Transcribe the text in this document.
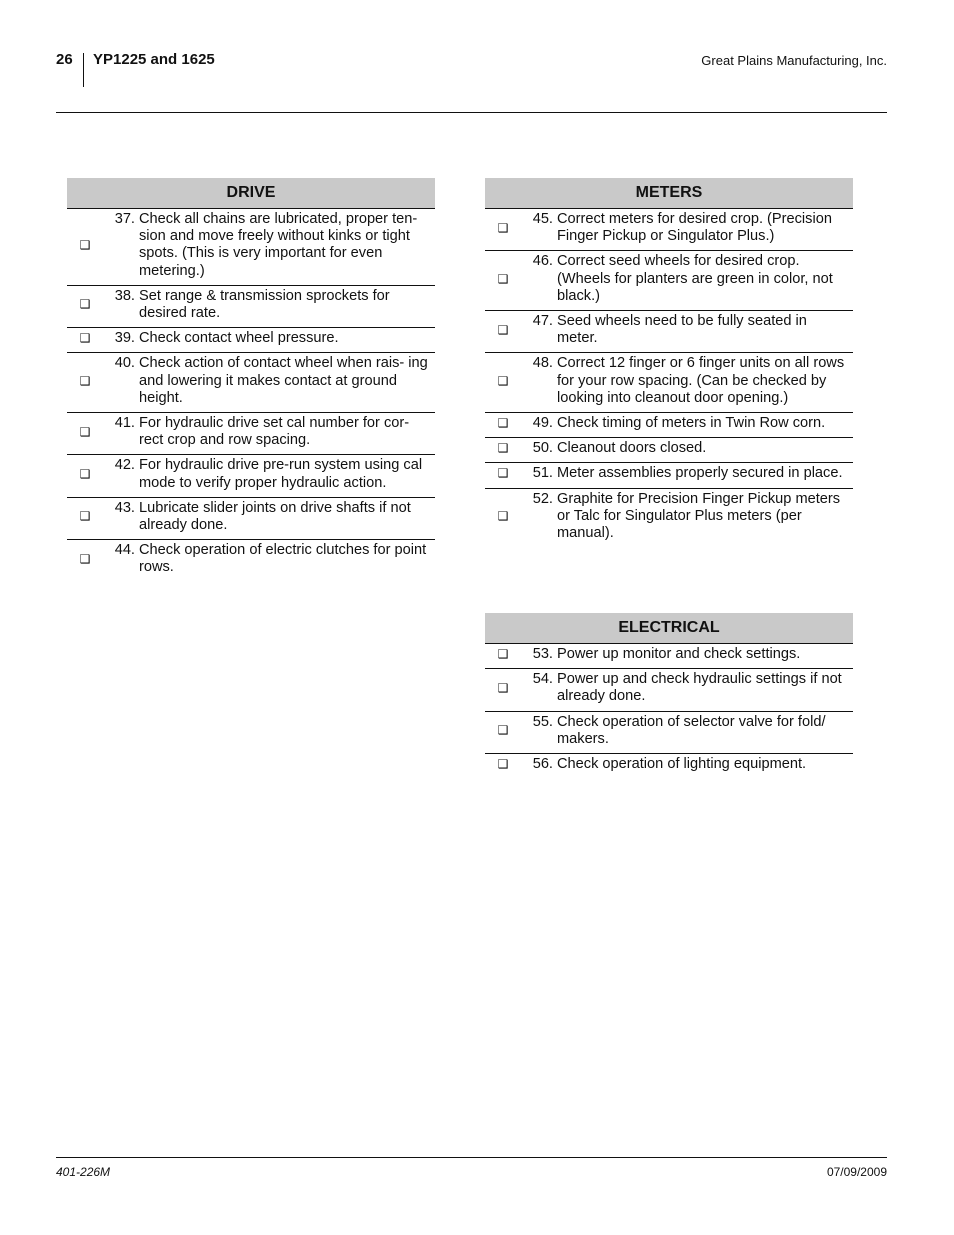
26 YP1225 and 1625	Great Plains Manufacturing, Inc.
DRIVE
❑
37. Check all chains are lubricated, proper ten- sion and move freely without kinks or tight spots. (This is very important for even metering.)
❑
38. Set range & transmission sprockets for desired rate.
❑	39. Check contact wheel pressure.
❑
40. Check action of contact wheel when rais- ing and lowering it makes contact at ground height.
❑
41. For hydraulic drive set cal number for cor- rect crop and row spacing.
❑
42. For hydraulic drive pre-run system using cal mode to verify proper hydraulic action.
❑
43. Lubricate slider joints on drive shafts if not already done.
❑
44. Check operation of electric clutches for point rows.
METERS
❑
45. Correct meters for desired crop. (Precision Finger Pickup or Singulator Plus.)
❑
46. Correct seed wheels for desired crop. (Wheels for planters are green in color, not black.)
❑
47. Seed wheels need to be fully seated in meter.
❑
48. Correct 12 finger or 6 finger units on all rows for your row spacing. (Can be checked by looking into cleanout door opening.)
❑	49. Check timing of meters in Twin Row corn.
❑	50. Cleanout doors closed.
❑	51. Meter assemblies properly secured in place.
❑
52. Graphite for Precision Finger Pickup meters or Talc for Singulator Plus meters (per manual).
ELECTRICAL
❑	53. Power up monitor and check settings.
❑
54. Power up and check hydraulic settings if not already done.
❑
55. Check operation of selector valve for fold/ makers.
❑	56. Check operation of lighting equipment.
401-226M	07/09/2009
